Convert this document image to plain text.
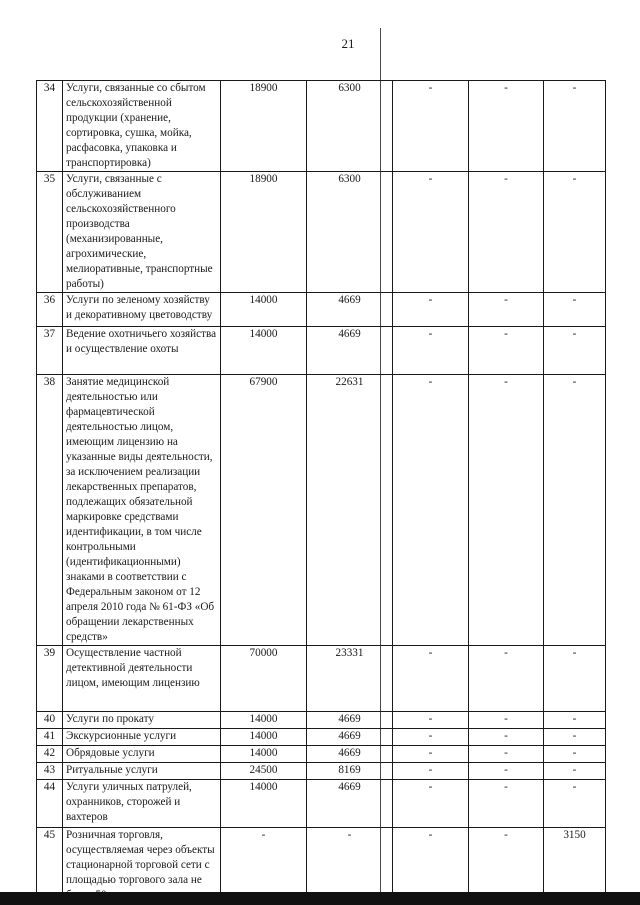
21
34	Услуги, связанные со сбытом сельскохозяйственной продукции (хранение, сортировка, сушка, мойка, расфасовка, упаковка и транспортировка)	18900	6300	-	-	-
35	Услуги, связанные с обслуживанием сельскохозяйственного производства (механизированные, агрохимические, мелиоративные, транспортные работы)	18900	6300	-	-	-
36	Услуги по зеленому хозяйству и декоративному цветоводству	14000	4669	-	-	-
37	Ведение охотничьего хозяйства и осуществление охоты	14000	4669	-	-	-
38	Занятие медицинской деятельностью или фармацевтической деятельностью лицом, имеющим лицензию на указанные виды деятельности, за исключением реализации лекарственных препаратов, подлежащих обязательной маркировке средствами идентификации, в том числе контрольными (идентификационными) знаками в соответствии с Федеральным законом от 12 апреля 2010 года № 61-ФЗ «Об обращении лекарственных средств»	67900	22631	-	-	-
39	Осуществление частной детективной деятельности лицом, имеющим лицензию	70000	23331	-	-	-
40	Услуги по прокату	14000	4669	-	-	-
41	Экскурсионные услуги	14000	4669	-	-	-
42	Обрядовые услуги	14000	4669	-	-	-
43	Ритуальные услуги	24500	8169	-	-	-
44	Услуги уличных патрулей, охранников, сторожей и вахтеров	14000	4669	-	-	-
45	Розничная торговля, осуществляемая через объекты стационарной торговой сети с площадью торгового зала не	-	-	-	-	3150
